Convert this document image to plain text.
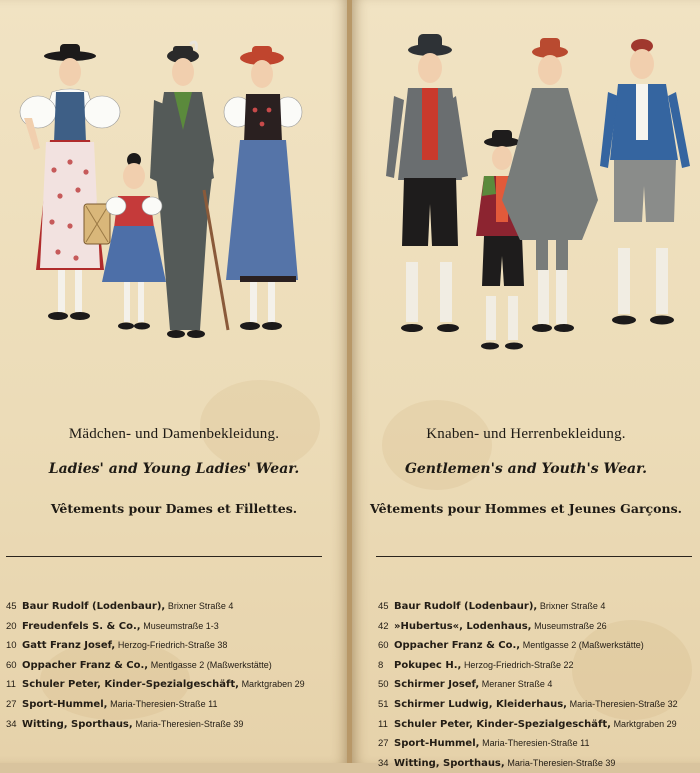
Mädchen- und Damenbekleidung.
Ladies' and Young Ladies' Wear.
Vêtements pour Dames et Fillettes.
45 Baur Rudolf (Lodenbaur), Brixner Straße 4
20 Freudenfels S. & Co., Museumstraße 1-3
10 Gatt Franz Josef, Herzog-Friedrich-Straße 38
60 Oppacher Franz & Co., Mentlgasse 2 (Maßwerkstätte)
11 Schuler Peter, Kinder-Spezialgeschäft, Marktgraben 29
27 Sport-Hummel, Maria-Theresien-Straße 11
34 Witting, Sporthaus, Maria-Theresien-Straße 39
Knaben- und Herrenbekleidung.
Gentlemen's and Youth's Wear.
Vêtements pour Hommes et Jeunes Garçons.
45 Baur Rudolf (Lodenbaur), Brixner Straße 4
42 »Hubertus«, Lodenhaus, Museumstraße 26
60 Oppacher Franz & Co., Mentlgasse 2 (Maßwerkstätte)
8 Pokupec H., Herzog-Friedrich-Straße 22
50 Schirmer Josef, Meraner Straße 4
51 Schirmer Ludwig, Kleiderhaus, Maria-Theresien-Straße 32
11 Schuler Peter, Kinder-Spezialgeschäft, Marktgraben 29
27 Sport-Hummel, Maria-Theresien-Straße 11
34 Witting, Sporthaus, Maria-Theresien-Straße 39
